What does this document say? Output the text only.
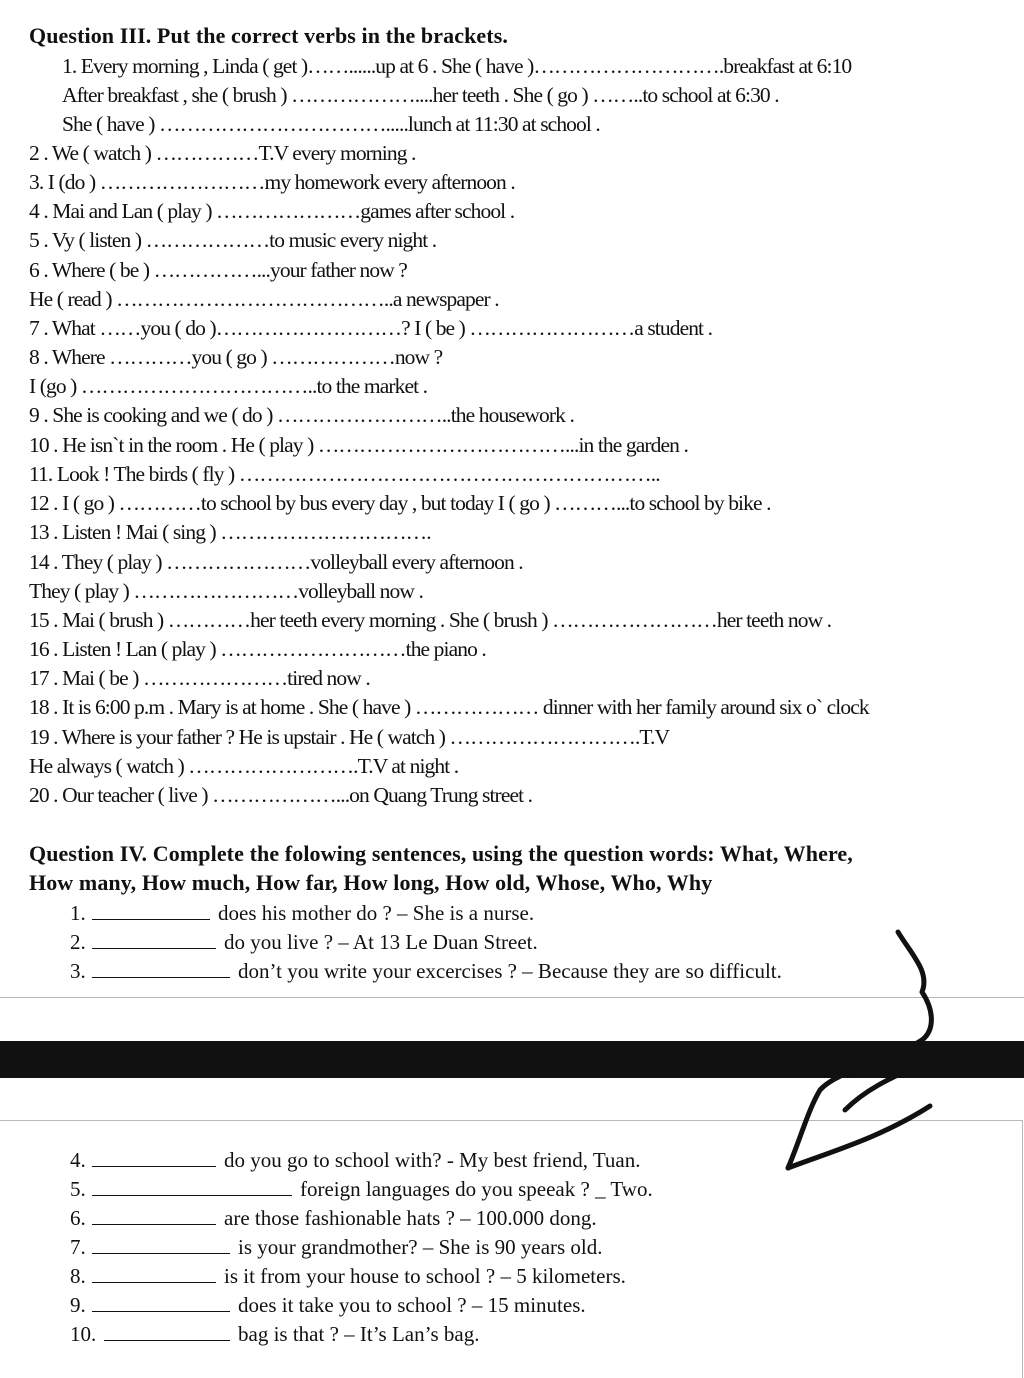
Question III. Put the correct verbs in the brackets.
1. Every morning , Linda ( get )……......up at 6 . She ( have )……………………….breakfast at 6:10
After breakfast , she ( brush ) ………………....her teeth . She ( go ) ……..to school at 6:30 .
She ( have ) …………………………….....lunch at 11:30 at school .
2 . We ( watch ) ……………T.V every morning .
3. I (do ) ……………………my homework every afternoon .
4 . Mai and Lan ( play ) …………………games after school .
5 . Vy ( listen ) ………………to music every night .
6 . Where ( be ) ……………...your father now ?
He ( read ) …………………………………..a newspaper .
7 . What ……you ( do )………………………? I ( be ) ……………………a student .
8 . Where …………you ( go ) ………………now ?
I (go ) ……………………………..to the market .
9 . She is cooking and we ( do ) ……………………..the housework .
10 . He isn`t in the room . He ( play ) ………………………………...in the garden .
11. Look ! The birds ( fly ) ……………………………………………………..
12 . I ( go ) …………to school by bus every day , but today I ( go ) ………...to school by bike .
13 . Listen ! Mai ( sing ) ………………………….
14 . They ( play ) …………………volleyball every afternoon .
They ( play ) ……………………volleyball now .
15 . Mai ( brush ) …………her teeth every morning . She ( brush ) ……………………her teeth now .
16 . Listen ! Lan ( play ) ………………………the piano .
17 . Mai ( be ) …………………tired now .
18 . It is 6:00 p.m . Mary is at home . She ( have ) ……………… dinner with her family around six o` clock
19 . Where is your father ? He is upstair . He ( watch ) ……………………….T.V
He always ( watch ) …………………….T.V at night .
20 . Our teacher ( live ) ………………...on Quang Trung street .
Question IV. Complete the folowing sentences, using the question words: What, Where,
How many, How much, How far, How long, How old, Whose, Who, Why
1.	does his mother do ? – She is a nurse.
2.	do you live ? – At 13 Le Duan Street.
3.	don’t you write your excercises ? – Because they are so difficult.
4.	do you go to school with? - My best friend, Tuan.
5.	foreign languages do you speeak ? _ Two.
6.	are those fashionable hats ? – 100.000 dong.
7.	is your grandmother? – She is 90 years old.
8.	is it from your house to school ? – 5 kilometers.
9.	does it take you to school ? – 15 minutes.
10.	bag is that ? – It’s Lan’s bag.
